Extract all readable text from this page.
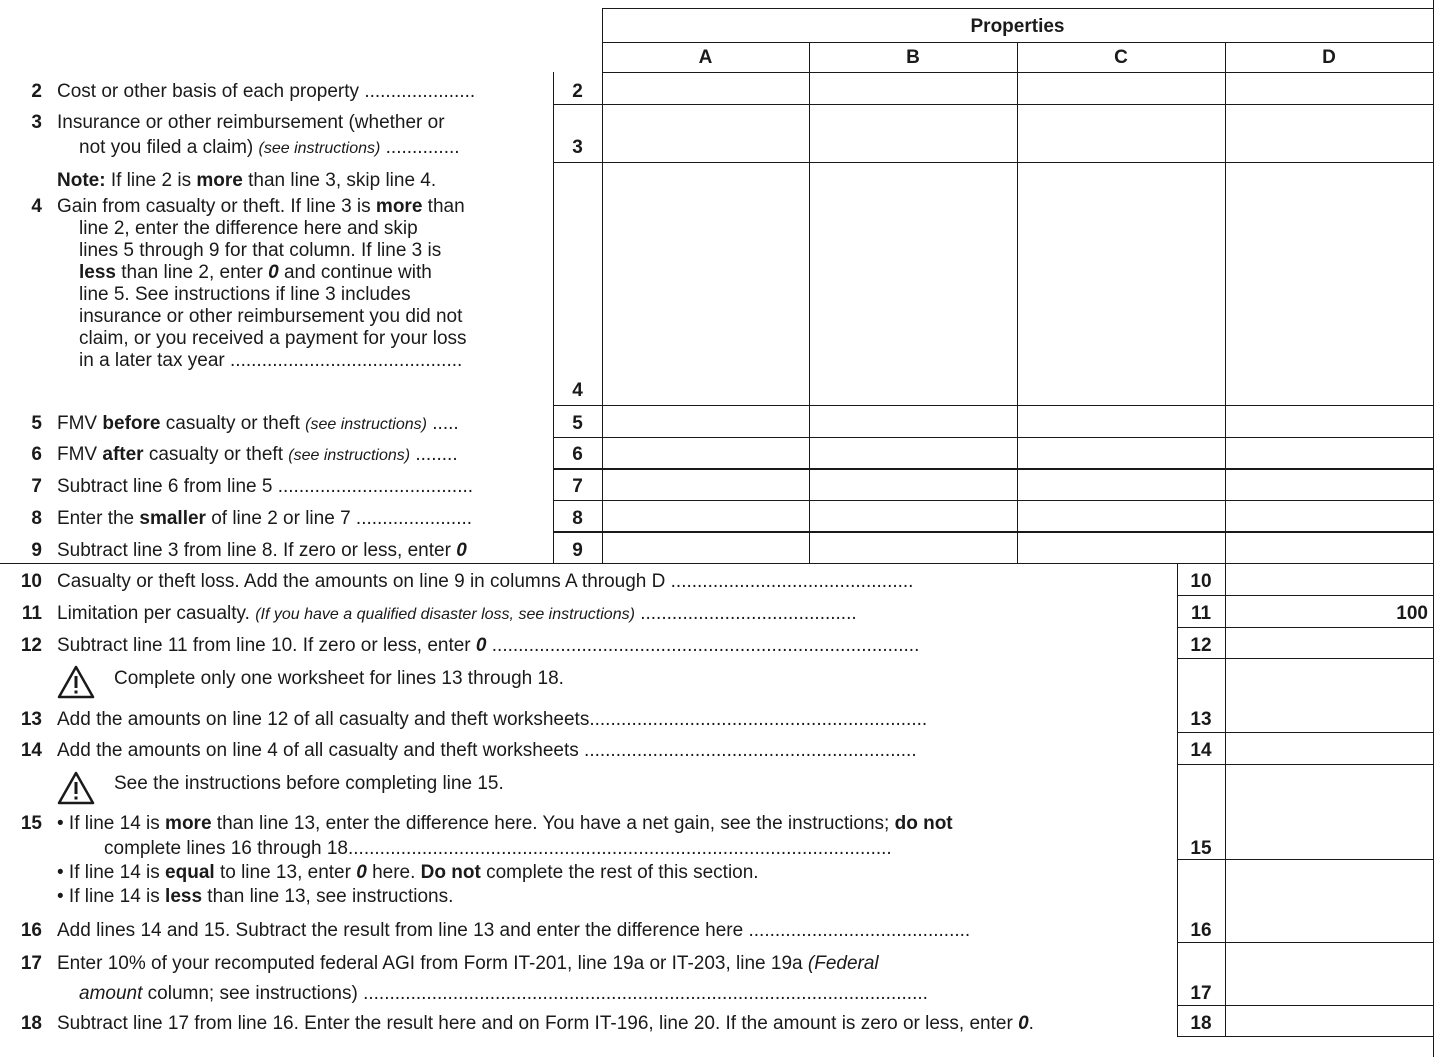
Properties
A	B	C	D
2 Cost or other basis of each property .....................	2
3 Insurance or other reimbursement (whether or
not you filed a claim) (see instructions) ..............	3
Note: If line 2 is more than line 3, skip line 4.
4 Gain from casualty or theft. If line 3 is more than
line 2, enter the difference here and skip
lines 5 through 9 for that column. If line 3 is
less than line 2, enter 0 and continue with
line 5. See instructions if line 3 includes
insurance or other reimbursement you did not
claim, or you received a payment for your loss
in a later tax year ............................................
4
5 FMV before casualty or theft (see instructions) .....	5
6 FMV after casualty or theft (see instructions) ........	6
7 Subtract line 6 from line 5 .....................................	7
8 Enter the smaller of line 2 or line 7 ......................	8
9 Subtract line 3 from line 8. If zero or less, enter 0	9
10 Casualty or theft loss. Add the amounts on line 9 in columns A through D ..............................................	10
11 Limitation per casualty. (If you have a qualified disaster loss, see instructions) .........................................	11	100
12 Subtract line 11 from line 10. If zero or less, enter 0 .................................................................................	12
Complete only one worksheet for lines 13 through 18.
13 Add the amounts on line 12 of all casualty and theft worksheets................................................................	13
14 Add the amounts on line 4 of all casualty and theft worksheets ...............................................................	14
See the instructions before completing line 15.
15 • If line 14 is more than line 13, enter the difference here. You have a net gain, see the instructions; do not
complete lines 16 through 18.......................................................................................................	15
• If line 14 is equal to line 13, enter 0 here. Do not complete the rest of this section.
• If line 14 is less than line 13, see instructions.
16 Add lines 14 and 15. Subtract the result from line 13 and enter the difference here ..........................................	16
17 Enter 10% of your recomputed federal AGI from Form IT-201, line 19a or IT-203, line 19a (Federal
amount column; see instructions) ...........................................................................................................	17
18 Subtract line 17 from line 16. Enter the result here and on Form IT-196, line 20. If the amount is zero or less, enter 0.	18
